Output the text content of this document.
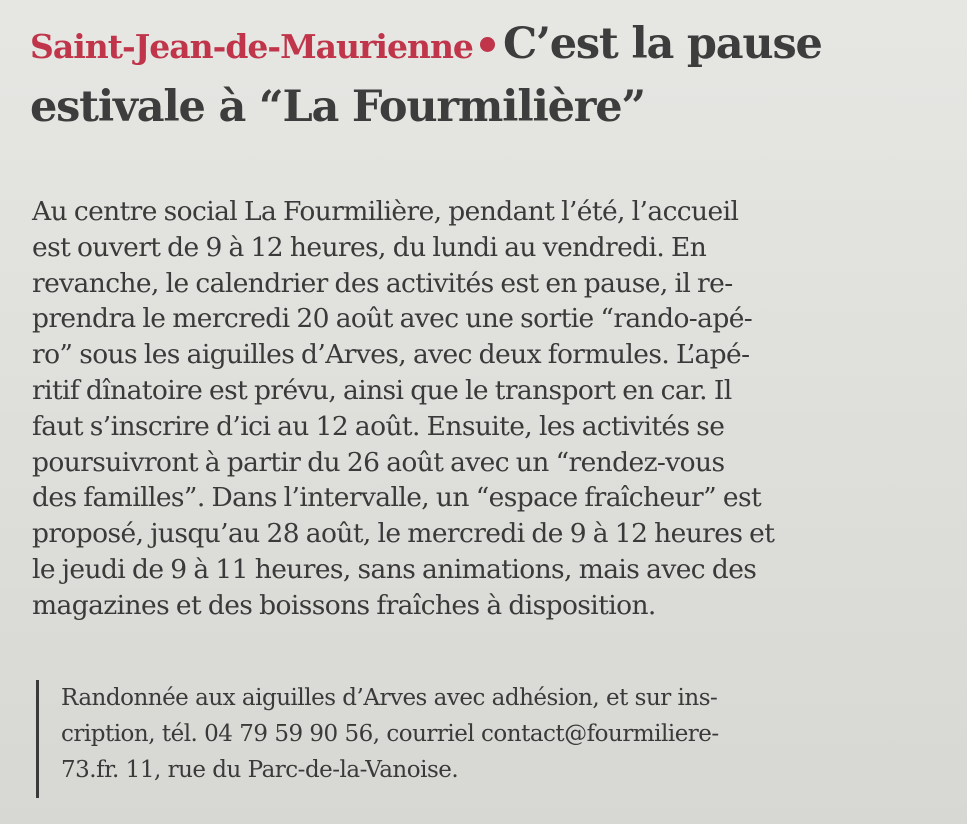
Saint-Jean-de-Maurienne C’est la pause
estivale à “La Fourmilière”
Au centre social La Fourmilière, pendant l’été, l’accueil
est ouvert de 9 à 12 heures, du lundi au vendredi. En
revanche, le calendrier des activités est en pause, il re-
prendra le mercredi 20 août avec une sortie “rando-apé-
ro” sous les aiguilles d’Arves, avec deux formules. L’apé-
ritif dînatoire est prévu, ainsi que le transport en car. Il
faut s’inscrire d’ici au 12 août. Ensuite, les activités se
poursuivront à partir du 26 août avec un “rendez-vous
des familles”. Dans l’intervalle, un “espace fraîcheur” est
proposé, jusqu’au 28 août, le mercredi de 9 à 12 heures et
le jeudi de 9 à 11 heures, sans animations, mais avec des
magazines et des boissons fraîches à disposition.
Randonnée aux aiguilles d’Arves avec adhésion, et sur ins-
cription, tél. 04 79 59 90 56, courriel contact@fourmiliere-
73.fr. 11, rue du Parc-de-la-Vanoise.
